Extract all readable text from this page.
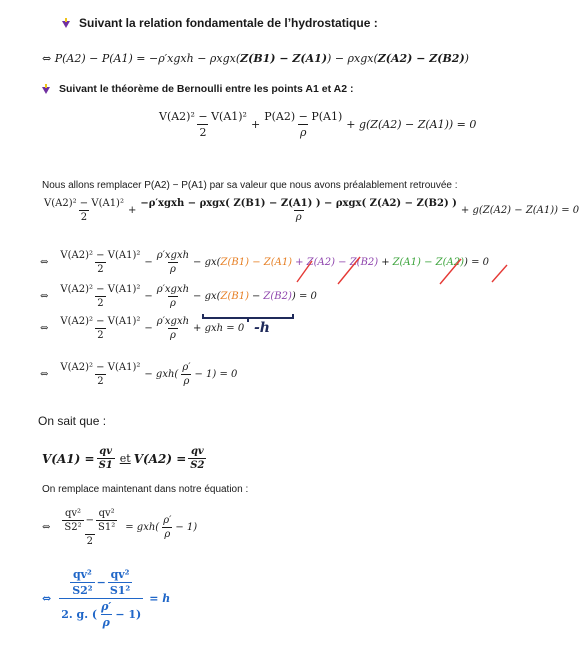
Suivant la relation fondamentale de l’hydrostatique :
⇔ P(A2) − P(A1) = −ρ′xgxh − ρxgx(Z(B1) − Z(A1)) − ρxgx(Z(A2) − Z(B2))
Suivant le théorème de Bernoulli entre les points A1 et A2 :
$\frac{\text{V(A2)² − V(A1)²}}{2} + \frac{P(A2) - P(A1)}{\rho} + g(Z(A2) - Z(A1)) = 0$
Nous allons remplacer P(A2) − P(A1) par sa valeur que nous avons préalablement retrouvée :
$\frac{\text{V(A2)² − V(A1)²}}{2} + \frac{\text{−ρ′xgxh − ρxgx( Z(B1) − Z(A1) ) − ρxgx( Z(A2) − Z(B2) )}}{\rho} + g(Z(A2) - Z(A1)) = 0$
⇔ $\frac{\text{V(A2)² − V(A1)²}}{2} - \frac{\text{ρ′xgxh}}{\rho} - gx$( Z(B1) − Z(A1) + Z(A2) − Z(B2) + Z(A1) − Z(A2) ) = 0
⇔ $\frac{\text{V(A2)² − V(A1)²}}{2} - \frac{\text{ρ′xgxh}}{\rho} - gx$( Z(B1) − Z(B2) ) = 0
⇔ $\frac{\text{V(A2)² − V(A1)²}}{2} - \frac{\text{ρ′xgxh}}{\rho}$ + gxh = 0 -h
⇔ $\frac{\text{V(A2)² − V(A1)²}}{2} - gxh( \frac{\rho'}{\rho} - 1) = 0$
On sait que :
$V(A1) = \frac{qv}{S1}$ et $V(A2) = \frac{qv}{S2}$
On remplace maintenant dans notre équation :
⇔ $\frac{\frac{\text{qv²}}{\text{S2²}} - \frac{\text{qv²}}{\text{S1²}}}{2} = gxh( \frac{\rho'}{\rho} - 1)$
⇔ $\frac{\frac{\text{qv²}}{\text{S2²}} - \frac{\text{qv²}}{\text{S1²}}}{2. g. ( \frac{\rho'}{\rho} - 1)} = h$
